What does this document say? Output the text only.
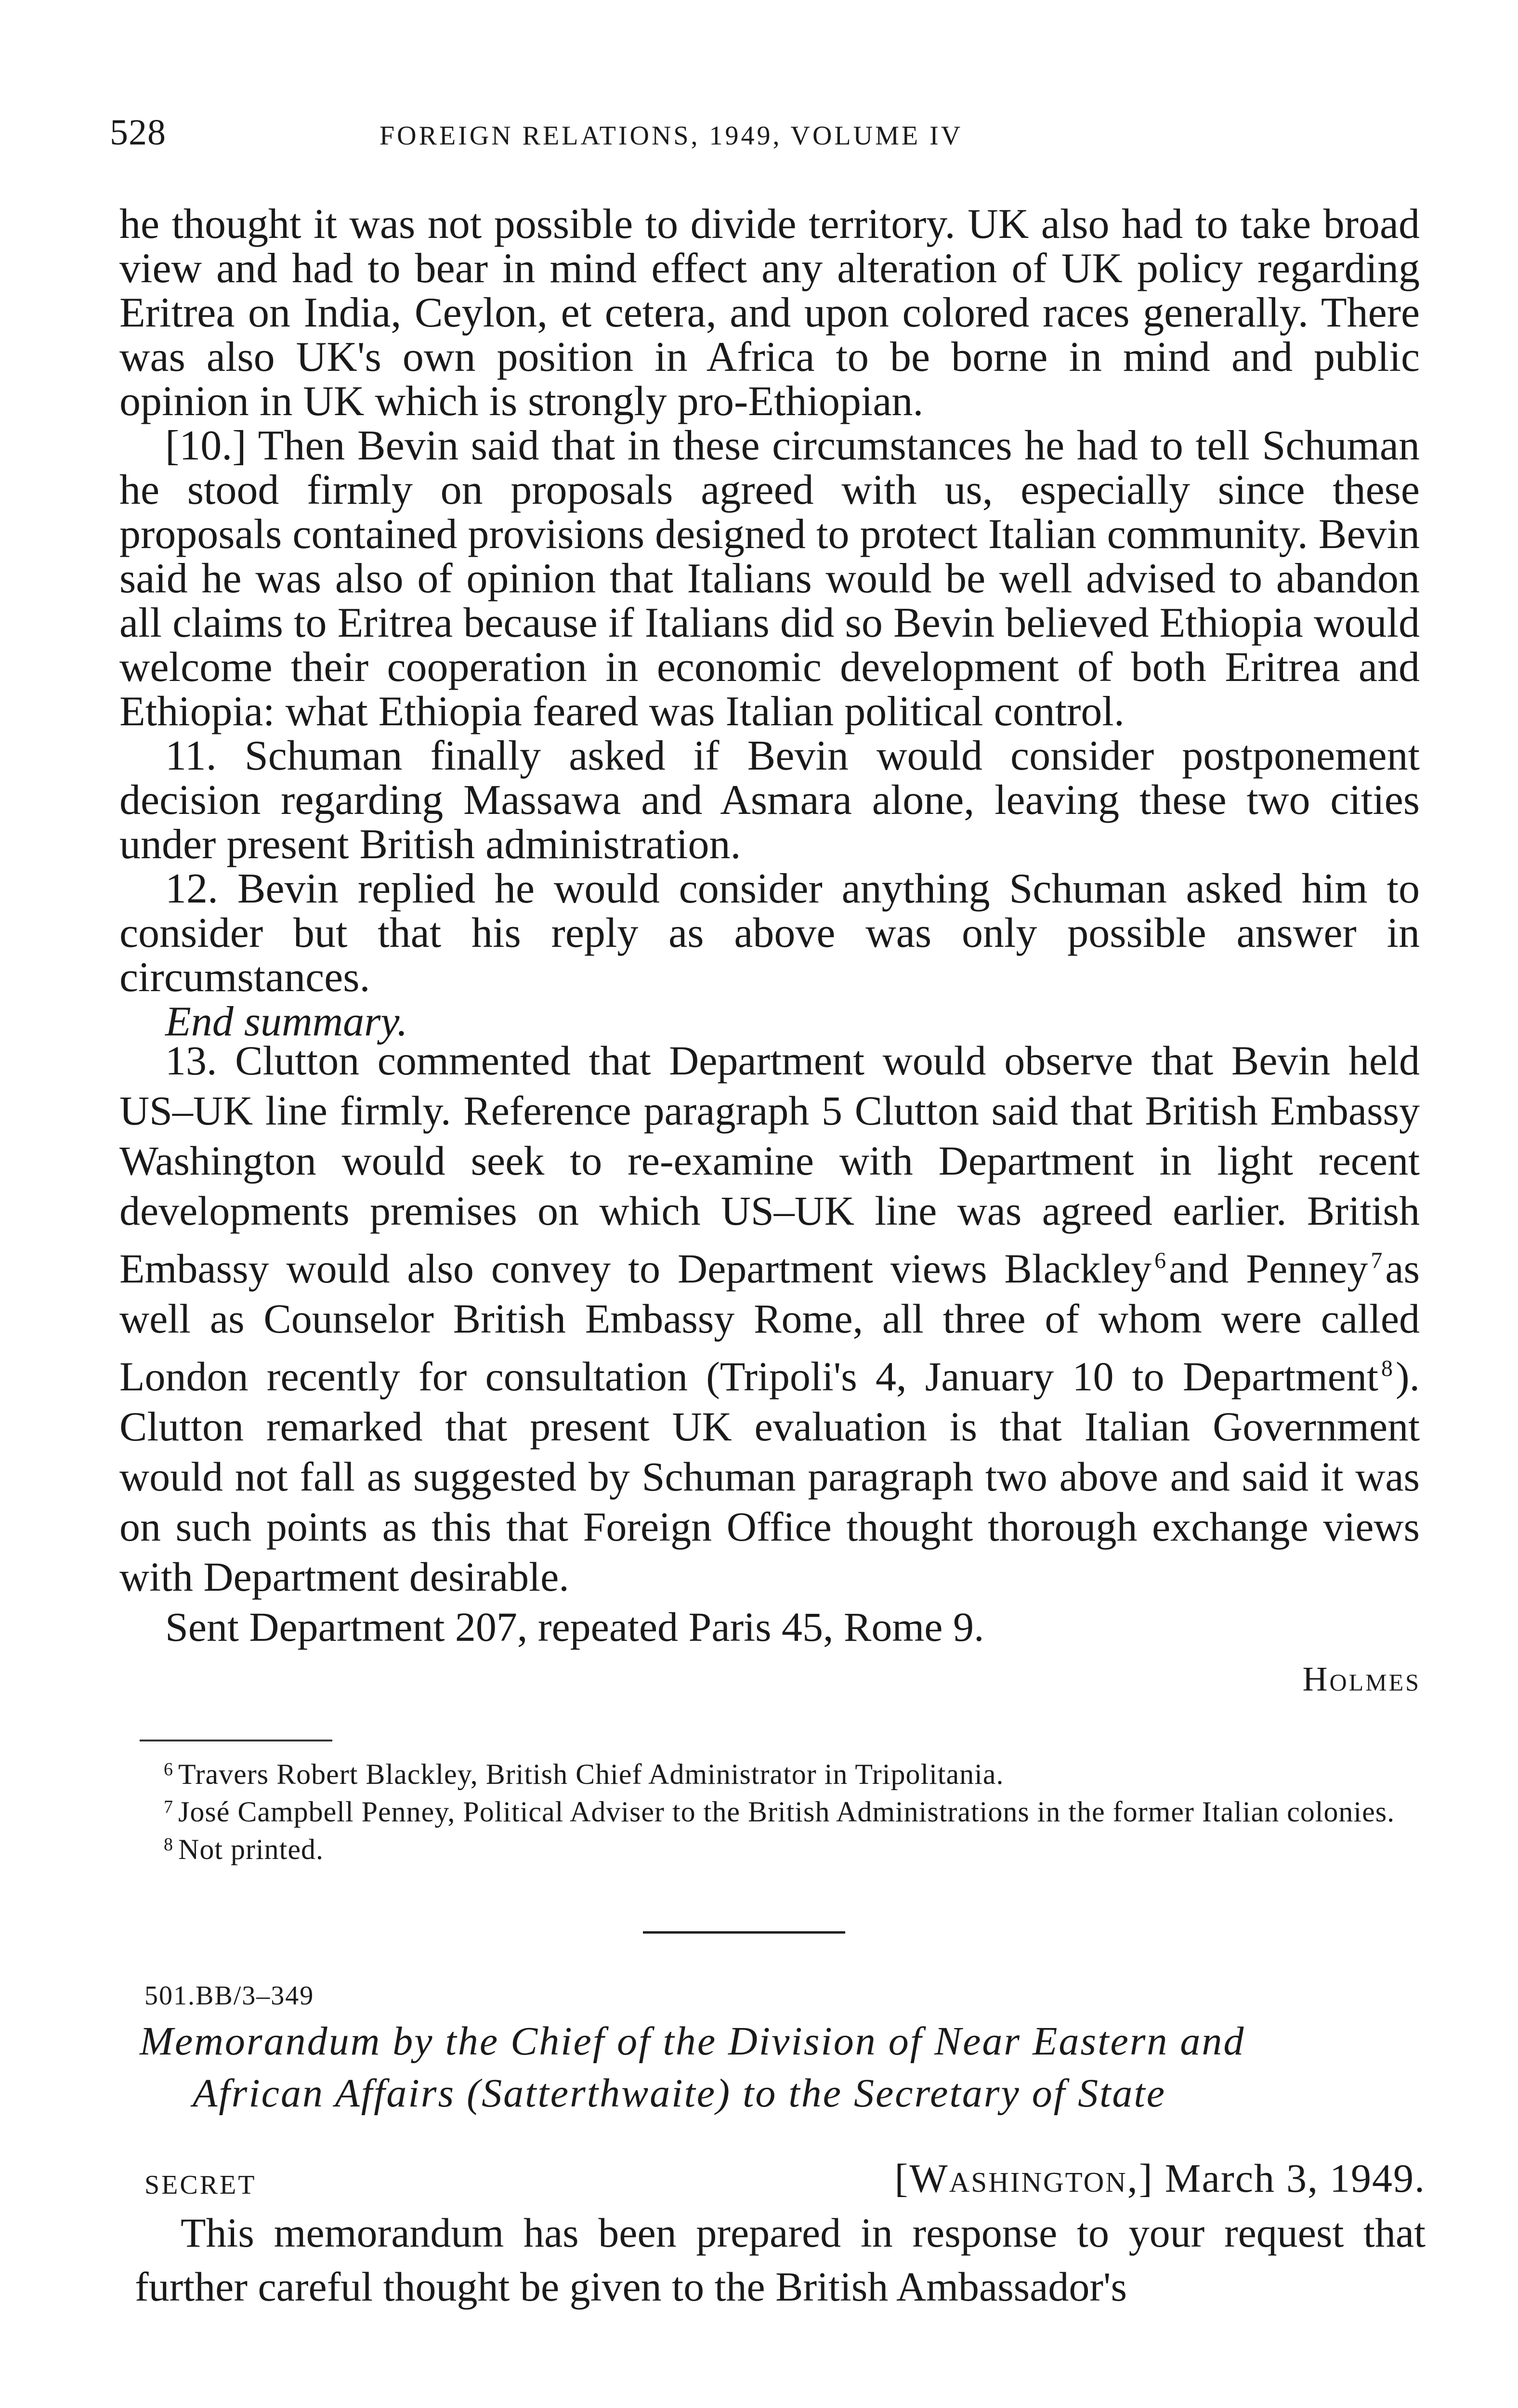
528	FOREIGN RELATIONS, 1949, VOLUME IV

he thought it was not possible to divide territory. UK also had to take broad view and had to bear in mind effect any alteration of UK policy regarding Eritrea on India, Ceylon, et cetera, and upon colored races generally. There was also UK's own position in Africa to be borne in mind and public opinion in UK which is strongly pro-Ethiopian.

[10.] Then Bevin said that in these circumstances he had to tell Schuman he stood firmly on proposals agreed with us, especially since these proposals contained provisions designed to protect Italian community. Bevin said he was also of opinion that Italians would be well advised to abandon all claims to Eritrea because if Italians did so Bevin believed Ethiopia would welcome their cooperation in economic development of both Eritrea and Ethiopia: what Ethiopia feared was Italian political control.

11. Schuman finally asked if Bevin would consider postponement decision regarding Massawa and Asmara alone, leaving these two cities under present British administration.

12. Bevin replied he would consider anything Schuman asked him to consider but that his reply as above was only possible answer in circumstances.

End summary.

13. Clutton commented that Department would observe that Bevin held US–UK line firmly. Reference paragraph 5 Clutton said that British Embassy Washington would seek to re-examine with Department in light recent developments premises on which US–UK line was agreed earlier. British Embassy would also convey to Department views Blackley $^6$and Penney $^7$as well as Counselor British Embassy Rome, all three of whom were called London recently for consultation (Tripoli's 4, January 10 to Department $^8$). Clutton remarked that present UK evaluation is that Italian Government would not fall as suggested by Schuman paragraph two above and said it was on such points as this that Foreign Office thought thorough exchange views with Department desirable.

Sent Department 207, repeated Paris 45, Rome 9.

Holmes

$^6$ Travers Robert Blackley, British Chief Administrator in Tripolitania.

$^7$ José Campbell Penney, Political Adviser to the British Administrations in the former Italian colonies.

$^8$ Not printed.

501.BB/3–349
Memorandum by the Chief of the Division of Near Eastern and
African Affairs (Satterthwaite) to the Secretary of State
SECRET	[Washington,] March 3, 1949.

This memorandum has been prepared in response to your request that further careful thought be given to the British Ambassador's
